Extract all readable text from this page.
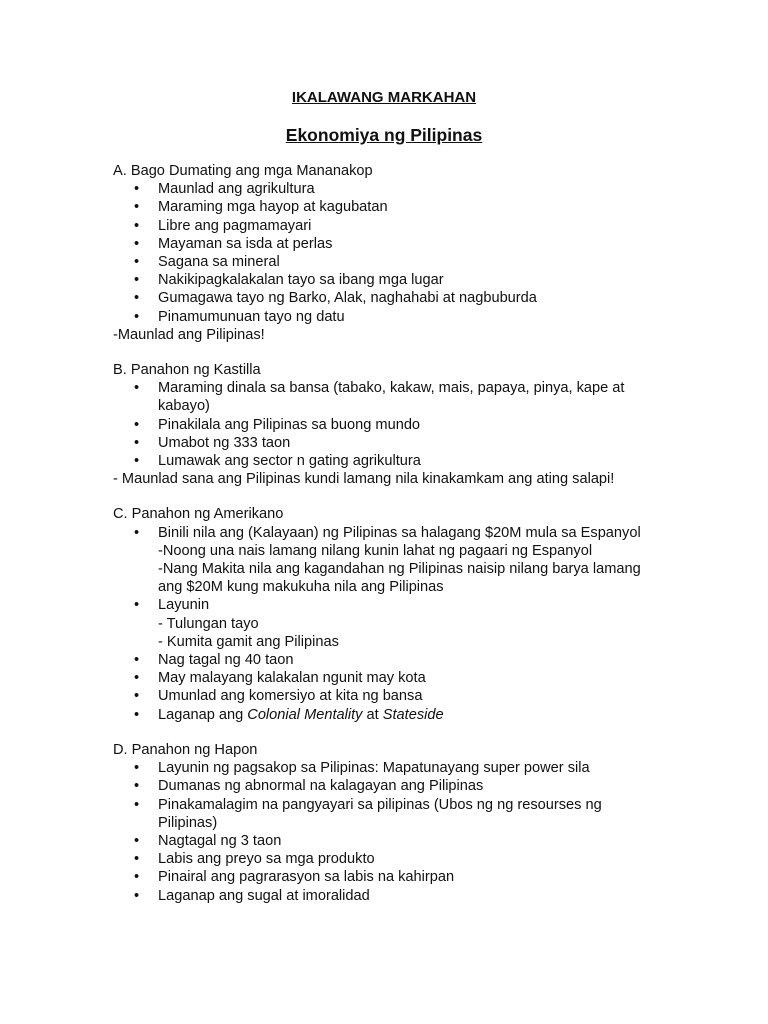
IKALAWANG MARKAHAN
Ekonomiya ng Pilipinas
A. Bago Dumating ang mga Mananakop
• Maunlad ang agrikultura
• Maraming mga hayop at kagubatan
• Libre ang pagmamayari
• Mayaman sa isda at perlas
• Sagana sa mineral
• Nakikipagkalakalan tayo sa ibang mga lugar
• Gumagawa tayo ng Barko, Alak, naghahabi at nagbuburda
• Pinamumunuan tayo ng datu
-Maunlad ang Pilipinas!
B. Panahon ng Kastilla
• Maraming dinala sa bansa (tabako, kakaw, mais, papaya, pinya, kape at
kabayo)
• Pinakilala ang Pilipinas sa buong mundo
• Umabot ng 333 taon
• Lumawak ang sector n gating agrikultura
- Maunlad sana ang Pilipinas kundi lamang nila kinakamkam ang ating salapi!
C. Panahon ng Amerikano
• Binili nila ang (Kalayaan) ng Pilipinas sa halagang $20M mula sa Espanyol
-Noong una nais lamang nilang kunin lahat ng pagaari ng Espanyol
-Nang Makita nila ang kagandahan ng Pilipinas naisip nilang barya lamang
ang $20M kung makukuha nila ang Pilipinas
• Layunin
- Tulungan tayo
- Kumita gamit ang Pilipinas
• Nag tagal ng 40 taon
• May malayang kalakalan ngunit may kota
• Umunlad ang komersiyo at kita ng bansa
• Laganap ang Colonial Mentality at Stateside
D. Panahon ng Hapon
• Layunin ng pagsakop sa Pilipinas: Mapatunayang super power sila
• Dumanas ng abnormal na kalagayan ang Pilipinas
• Pinakamalagim na pangyayari sa pilipinas (Ubos ng ng resourses ng
Pilipinas)
• Nagtagal ng 3 taon
• Labis ang preyo sa mga produkto
• Pinairal ang pagrarasyon sa labis na kahirpan
• Laganap ang sugal at imoralidad
